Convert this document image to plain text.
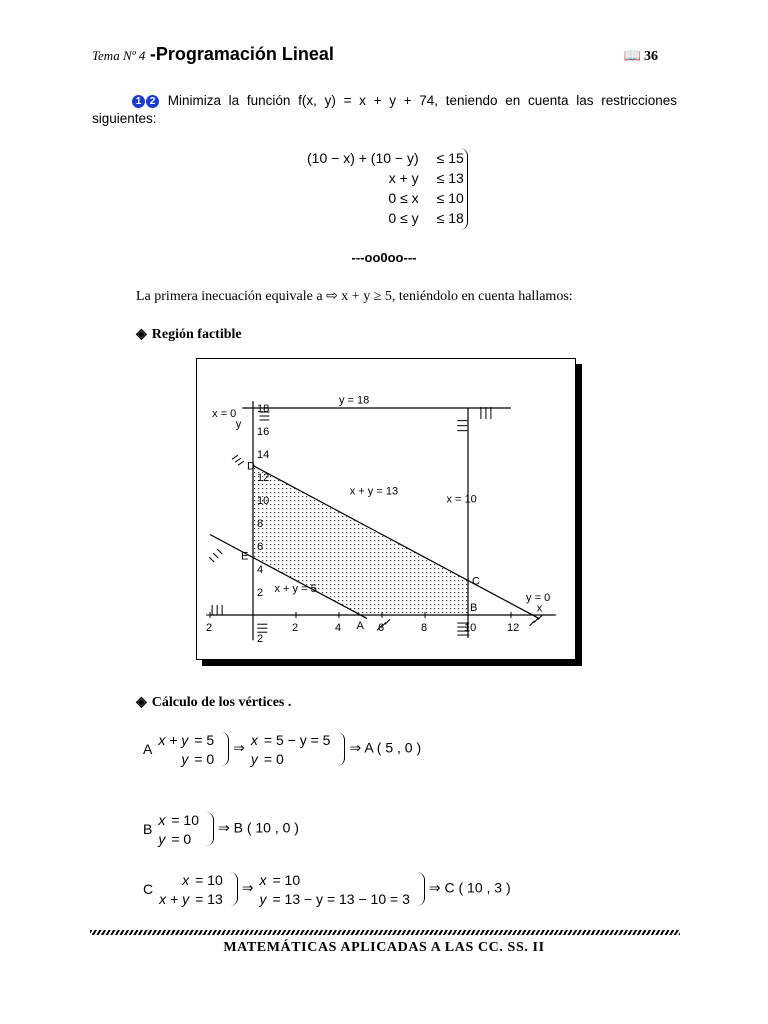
Tema Nº 4 -Programación Lineal	📖 36
1 2 Minimiza la función f(x, y) = x + y + 74, teniendo en cuenta las restricciones siguientes:
(10 − x) + (10 − y)	≤ 15
x + y	≤ 13
0 ≤ x	≤ 10
0 ≤ y	≤ 18
---oo0oo---
La primera inecuación equivale a ⇨ x + y ≥ 5, teniéndolo en cuenta hallamos:
◈ Región factible
y = 18
x = 10
x + y = 13
x + y = 5
y = 0
2	2	4	6	8	10	12
2
4
6
8
10
12
14
16
18
2
x = 0
y
x
A
B
C
D
E
◈ Cálculo de los vértices .
A	x + y	= 5	⇒	x	= 5 − y = 5	⇒ A ( 5 , 0 )
	y	= 0		y	= 0	
B	x	= 10	⇒ B ( 10 , 0 )
	y	= 0	
C	x	= 10	⇒	x	= 10	⇒ C ( 10 , 3 )
	x + y	= 13		y	= 13 − y = 13 − 10 = 3	
MATEMÁTICAS APLICADAS A LAS CC. SS. II
